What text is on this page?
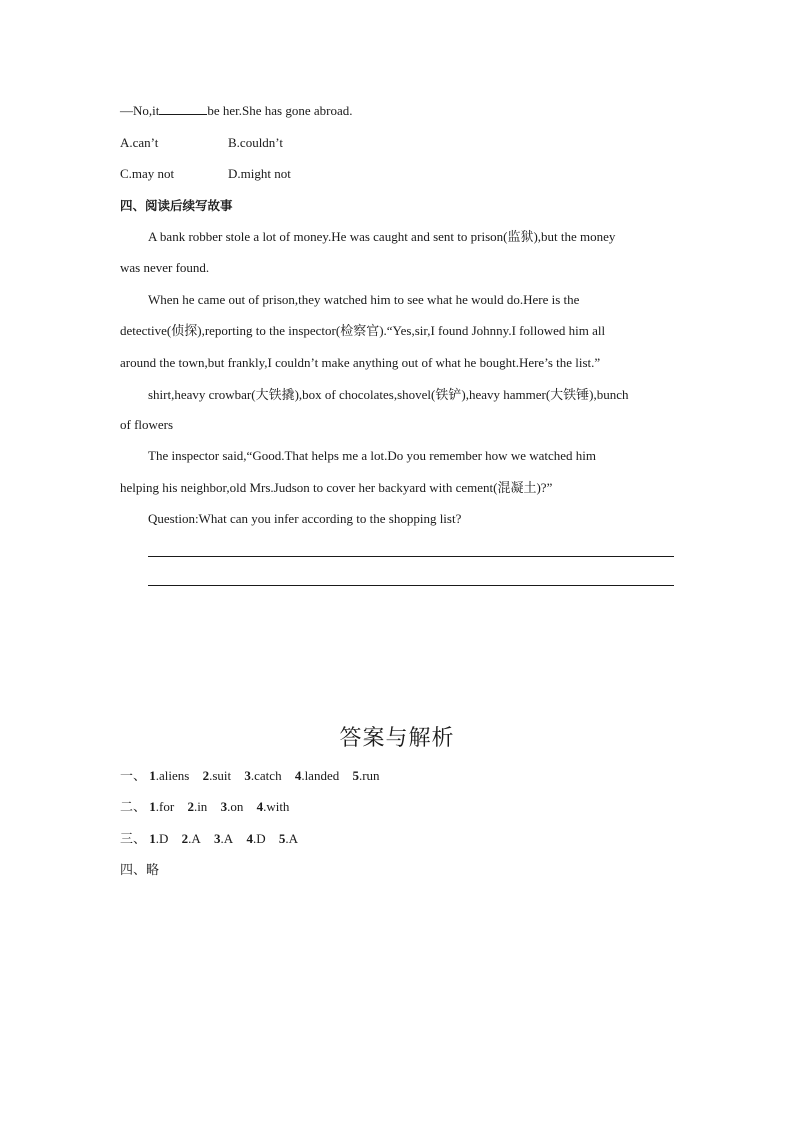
—No,it	be her.She has gone abroad.
A.can’t	B.couldn’t
C.may not	D.might not
四、阅读后续写故事
A bank robber stole a lot of money.He was caught and sent to prison(监狱),but the money
was never found.
When he came out of prison,they watched him to see what he would do.Here is the
detective(侦探),reporting to the inspector(检察官).“Yes,sir,I found Johnny.I followed him all
around the town,but frankly,I couldn’t make anything out of what he bought.Here’s the list.”
shirt,heavy crowbar(大铁撬),box of chocolates,shovel(铁铲),heavy hammer(大铁锤),bunch
of flowers
The inspector said,“Good.That helps me a lot.Do you remember how we watched him
helping his neighbor,old Mrs.Judson to cover her backyard with cement(混凝土)?”
Question:What can you infer according to the shopping list?
答案与解析
一、 1.aliens 2.suit 3.catch 4.landed 5.run
二、 1.for 2.in 3.on 4.with
三、 1.D 2.A 3.A 4.D 5.A
四、略
